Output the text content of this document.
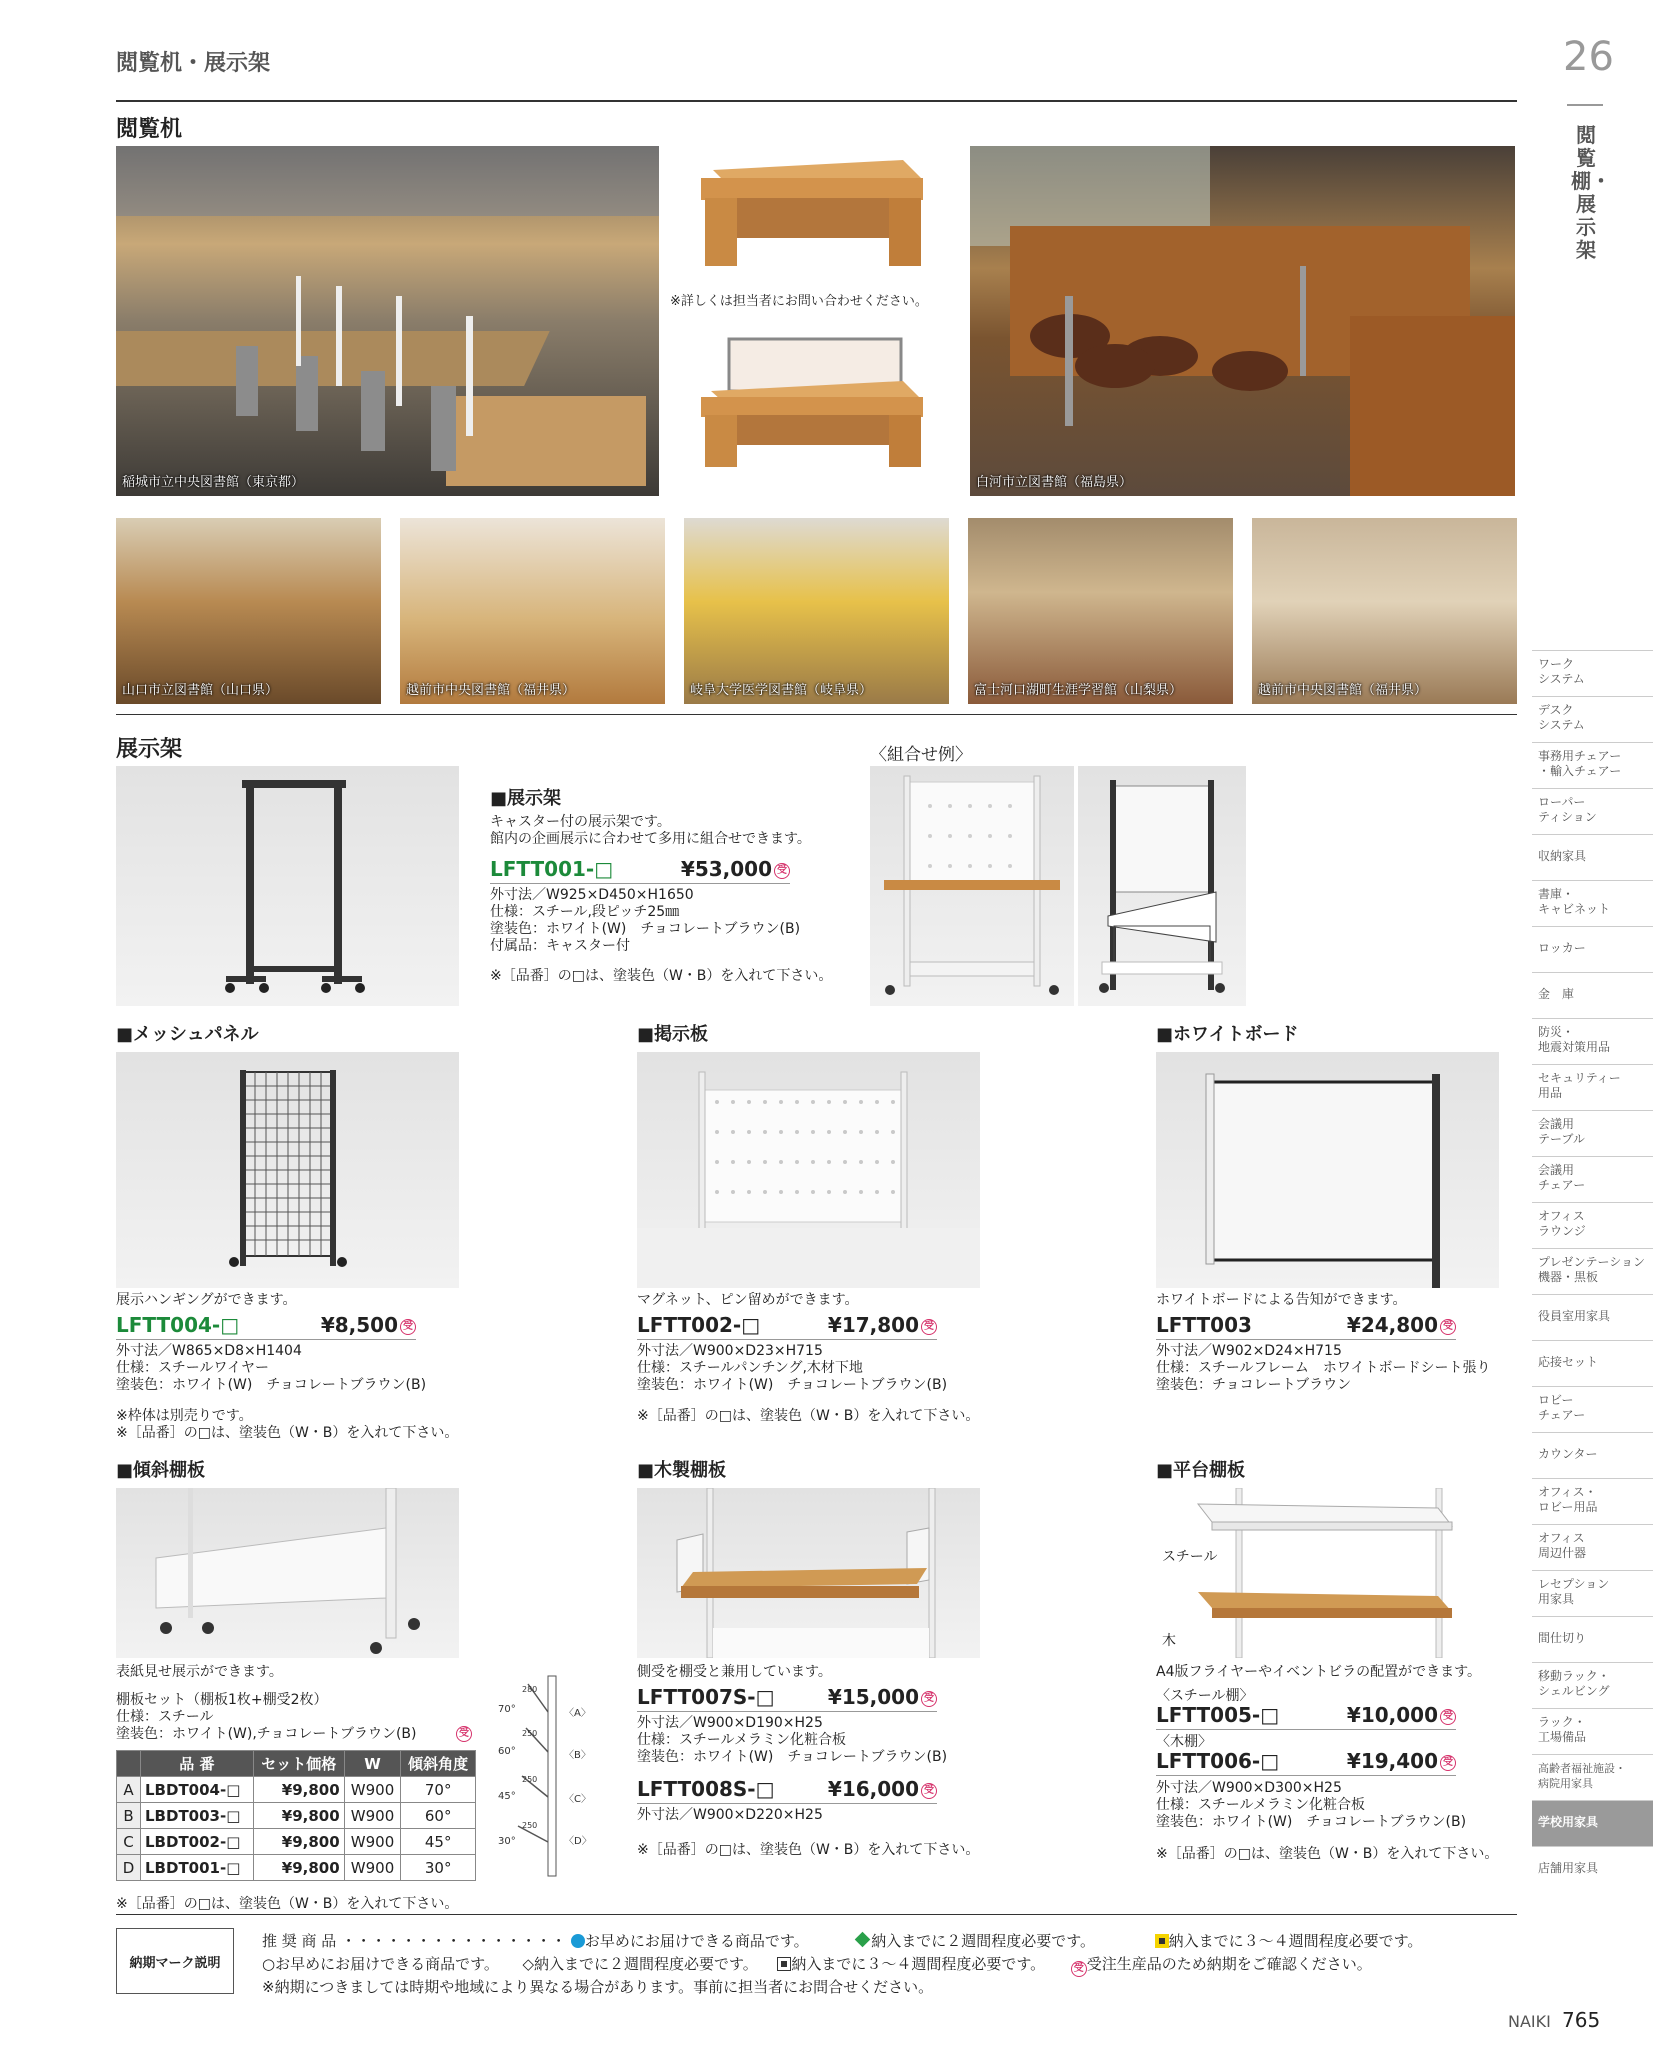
閲覧机・展示架	26
閲覧棚・展示架
閲覧机
稲城市立中央図書館（東京都）
※詳しくは担当者にお問い合わせください。
白河市立図書館（福島県）
山口市立図書館（山口県）	越前市中央図書館（福井県）	岐阜大学医学図書館（岐阜県）	富士河口湖町生涯学習館（山梨県）	越前市中央図書館（福井県）
展示架	〈組合せ例〉
■展示架
キャスター付の展示架です。
館内の企画展示に合わせて多用に組合せできます。
LFTT001-□	¥53,000 受
外寸法／W925×D450×H1650
仕様：スチール,段ピッチ25㎜
塗装色：ホワイト(W)　チョコレートブラウン(B)
付属品：キャスター付
※［品番］の□は、塗装色（W・B）を入れて下さい。
■メッシュパネル
展示ハンギングができます。
LFTT004-□	¥8,500 受
外寸法／W865×D8×H1404
仕様：スチールワイヤー
塗装色：ホワイト(W)　チョコレートブラウン(B)
※枠体は別売りです。
※［品番］の□は、塗装色（W・B）を入れて下さい。
■掲示板
マグネット、ピン留めができます。
LFTT002-□	¥17,800 受
外寸法／W900×D23×H715
仕様：スチールパンチング,木材下地
塗装色：ホワイト(W)　チョコレートブラウン(B)
※［品番］の□は、塗装色（W・B）を入れて下さい。
■ホワイトボード
ホワイトボードによる告知ができます。
LFTT003	¥24,800 受
外寸法／W902×D24×H715
仕様：スチールフレーム　ホワイトボードシート張り
塗装色：チョコレートブラウン
■傾斜棚板
表紙見せ展示ができます。
棚板セット（棚板1枚+棚受2枚）
仕様：スチール
塗装色：ホワイト(W),チョコレートブラウン(B)	受
	品 番	セット価格	W	傾斜角度
A	LBDT004-□	¥9,800	W900	70°
B	LBDT003-□	¥9,800	W900	60°
C	LBDT002-□	¥9,800	W900	45°
D	LBDT001-□	¥9,800	W900	30°
※［品番］の□は、塗装色（W・B）を入れて下さい。
70°
60°
45°
30°
280
250
250
250
〈A〉
〈B〉
〈C〉
〈D〉
■木製棚板
側受を棚受と兼用しています。
LFTT007S-□	¥15,000 受
外寸法／W900×D190×H25
仕様：スチールメラミン化粧合板
塗装色：ホワイト(W)　チョコレートブラウン(B)
LFTT008S-□	¥16,000 受
外寸法／W900×D220×H25
※［品番］の□は、塗装色（W・B）を入れて下さい。
■平台棚板
スチール
木
A4版フライヤーやイベントビラの配置ができます。
〈スチール棚〉
LFTT005-□	¥10,000 受
〈木棚〉
LFTT006-□	¥19,400 受
外寸法／W900×D300×H25
仕様：スチールメラミン化粧合板
塗装色：ホワイト(W)　チョコレートブラウン(B)
※［品番］の□は、塗装色（W・B）を入れて下さい。
ワーク
システム
デスク
システム
事務用チェアー
・輸入チェアー
ローパー
ティション
収納家具
書庫・
キャビネット
ロッカー
金　庫
防災・
地震対策用品
セキュリティー
用品
会議用
テーブル
会議用
チェアー
オフィス
ラウンジ
プレゼンテーション
機器・黒板
役員室用家具
応接セット
ロビー
チェアー
カウンター
オフィス・
ロビー用品
オフィス
周辺什器
レセプション
用家具
間仕切り
移動ラック・
シェルビング
ラック・
工場備品
高齢者福祉施設・
病院用家具
学校用家具
店舗用家具
納期マーク説明
推 奨 商 品 ・・・・・・・・・・・・・・・ お早めにお届けできる商品です。	納入までに２週間程度必要です。	納入までに３～４週間程度必要です。
○お早めにお届けできる商品です。 ◇納入までに２週間程度必要です。 納入までに３～４週間程度必要です。	受 受注生産品のため納期をご確認ください。
※納期につきましては時期や地域により異なる場合があります。事前に担当者にお問合せください。
NAIKI 765
